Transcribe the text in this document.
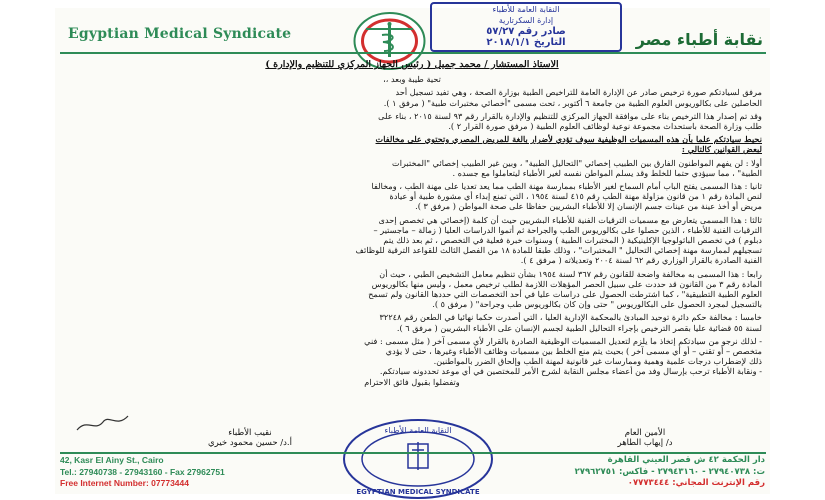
Egyptian Medical Syndicate
النقابة العامة للأطباء
إدارة السكرتارية
صادر رقم ٥٧/٢٧
التاريخ ٢٠١٨/١/١	نقابة أطباء مصر

الأستاذ المستشار / محمد جميل ( رئيس الجهاز المركزي للتنظيم والإدارة )

تحية طيبة وبعد ،،

مرفق لسيادتكم صورة ترخيص صادر عن الإدارة العامة للتراخيص الطبية بوزارة الصحة ، وهي تفيد تسجيل أحد

الحاصلين على بكالوريوس العلوم الطبية من جامعة ٦ أكتوبر ، تحت مسمى "أخصائي مختبرات طبية" ( مرفق ١ ).

وقد تم إصدار هذا الترخيص بناء على موافقة الجهاز المركزي للتنظيم والإدارة بالقرار رقم ٩٣ لسنة ٢٠١٥ ، بناء على

طلب وزارة الصحة باستحداث مجموعة نوعية لوظائف العلوم الطبية ( مرفق صورة القرار ٢ ).

نحيط سيادتكم علما بأن هذه المسميات الوظيفية سوف تؤدي لأضرار بالغة للمريض المصري وتحتوي على مخالفات

لبعض القوانين كالتالي :

أولا : لن يفهم المواطنون الفارق بين الطبيب إخصائي "التحاليل الطبية" ، وبين غير الطبيب إخصائي "المختبرات

الطبية" ، مما سيؤدي حتما للخلط وقد يسلم المواطن نفسه لغير الأطباء ليتعاملوا مع جسده .

ثانيا : هذا المسمى يفتح الباب أمام السماح لغير الأطباء بممارسة مهنة الطب مما يعد تعديا على مهنة الطب ، ومخالفا

لنص المادة رقم ١ من قانون مزاولة مهنة الطب رقم ٤١٥ لسنة ١٩٥٤ ، التي تمنع إبداء أي مشورة طبية أو عيادة

مريض أو أخذ عينة من عينات جسم الإنسان إلا للأطباء البشريين حفاظا على صحة المواطن ( مرفق ٣ ).

ثالثا : هذا المسمى يتعارض مع مسميات الترقيات الفنية للأطباء البشريين حيث أن كلمة (إخصائي هي تخصص إحدى

الترقيات الفنية للأطباء ، الذين حصلوا على بكالوريوس الطب والجراحة ثم أتموا الدراسات العليا ( زمالة – ماجستير –

دبلوم ) في تخصص الباثولوجيا الإكلينيكية ( المختبرات الطبية ) وسنوات خبرة فعلية في التخصص ، ثم بعد ذلك يتم

تسجيلهم لممارسة مهنة إخصائي التحاليل " المختبرات" ، وذلك طبقا للمادة ١٨ من الفصل الثالث للقواعد الترقية للوظائف

الفنية الصادرة بالقرار الوزاري رقم ٦٢ لسنة ٢٠٠٤ وتعديلاته ( مرفق ٤ ).

رابعا : هذا المسمى به مخالفة واضحة للقانون رقم ٣٦٧ لسنة ١٩٥٤ بشأن تنظيم معامل التشخيص الطبي ، حيث أن

المادة رقم ٣ من القانون قد حددت على سبيل الحصر المؤهلات اللازمة لطلب ترخيص معمل ، وليس منها بكالوريوس

العلوم الطبية التطبيقية" ، كما اشترطت الحصول على دراسات عليا في أحد التخصصات التي حددها القانون ولم تسمح

بالتسجيل لمجرد الحصول على البكالوريوس " حتى وإن كان بكالوريوس طب وجراحة" ( مرفق ٥ ).

خامسا : مخالفة حكم دائرة توحيد المبادئ بالمحكمة الإدارية العليا ، التي أصدرت حكما نهائيا في الطعن رقم ٣٢٢٤٨

لسنة ٥٥ قضائية عليا بقصر الترخيص بإجراء التحاليل الطبية لجسم الإنسان على الأطباء البشريين ( مرفق ٦ ).

- لذلك نرجو من سيادتكم إتخاذ ما يلزم لتعديل المسميات الوظيفية الصادرة بالقرار لأي مسمى آخر ( مثل مسمى : فني

متخصص – أو تقني – أو أي مسمى آخر ) بحيث يتم منع الخلط بين مسميات وظائف الأطباء وغيرها ، حتى لا يؤدي

ذلك لإضطراب درجات علمية وهمية وممارسات غير قانونية لمهنة الطب وإلحاق الضرر بالمواطنين.

- ونقابة الأطباء ترحب بإرسال وفد من أعضاء مجلس النقابة لشرح الأمر للمختصين في أي موعد تحددونه سيادتكم.

وتفضلوا بقبول فائق الاحترام

نقيب الأطباء
أ.د/ حسين محمود خيري
النقابة العامة للأطباء
EGYPTIAN MEDICAL SYNDICATE
الأمين العام
د/ إيهاب الطاهر
42, Kasr El Ainy St., Cairo
Tel.: 27940738 - 27943160 - Fax 27962751
Free Internet Number: 07773444
دار الحكمة ٤٢ ش قصر العيني القاهرة
ت: ٢٧٩٤٠٧٣٨ - ٢٧٩٤٣١٦٠ - فاكس: ٢٧٩٦٢٧٥١
رقم الإنترنت المجاني: ٠٧٧٧٣٤٤٤
